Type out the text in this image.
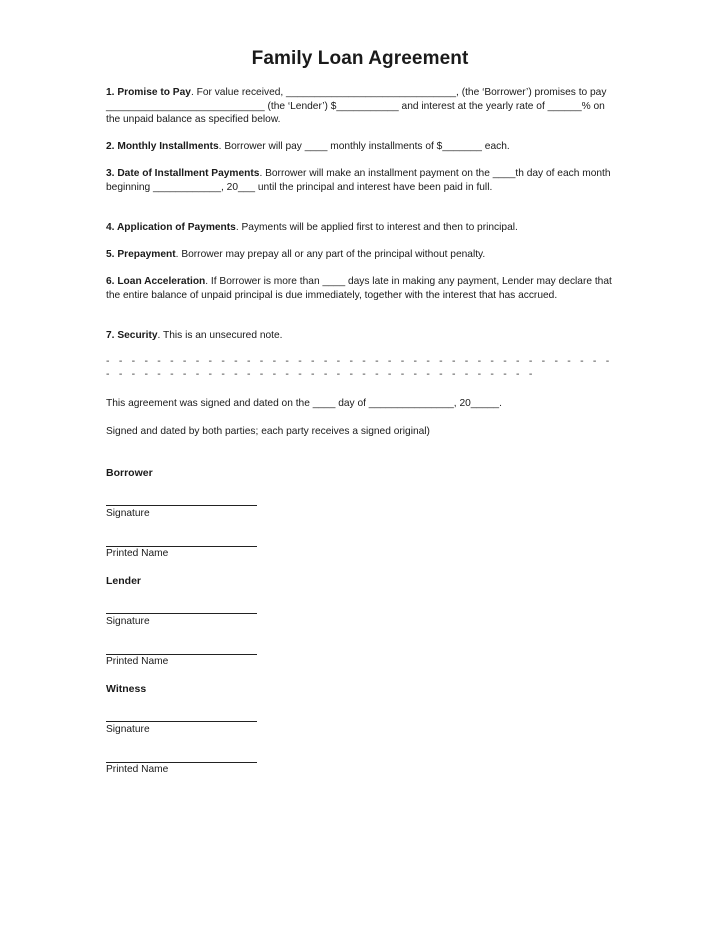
Family Loan Agreement
1. Promise to Pay. For value received, ______________________________, (the ‘Borrower’) promises to pay ____________________________ (the ‘Lender’) $___________ and interest at the yearly rate of ______% on the unpaid balance as specified below.
2. Monthly Installments. Borrower will pay ____ monthly installments of $_______ each.
3. Date of Installment Payments. Borrower will make an installment payment on the ____th day of each month beginning ____________, 20___ until the principal and interest have been paid in full.
4. Application of Payments. Payments will be applied first to interest and then to principal.
5. Prepayment. Borrower may prepay all or any part of the principal without penalty.
6. Loan Acceleration. If Borrower is more than ____ days late in making any payment, Lender may declare that the entire balance of unpaid principal is due immediately, together with the interest that has accrued.
7. Security. This is an unsecured note.
- - - - - - - - - - - - - - - - - - - - - - - - - - - - - - - - - - - - - - - - - - - - - - - - - - - - - - - - - - - - - - - - - - - - - - - - - -
This agreement was signed and dated on the ____ day of _______________, 20_____.
Signed and dated by both parties; each party receives a signed original)
Borrower
Signature
Printed Name
Lender
Signature
Printed Name
Witness
Signature
Printed Name
